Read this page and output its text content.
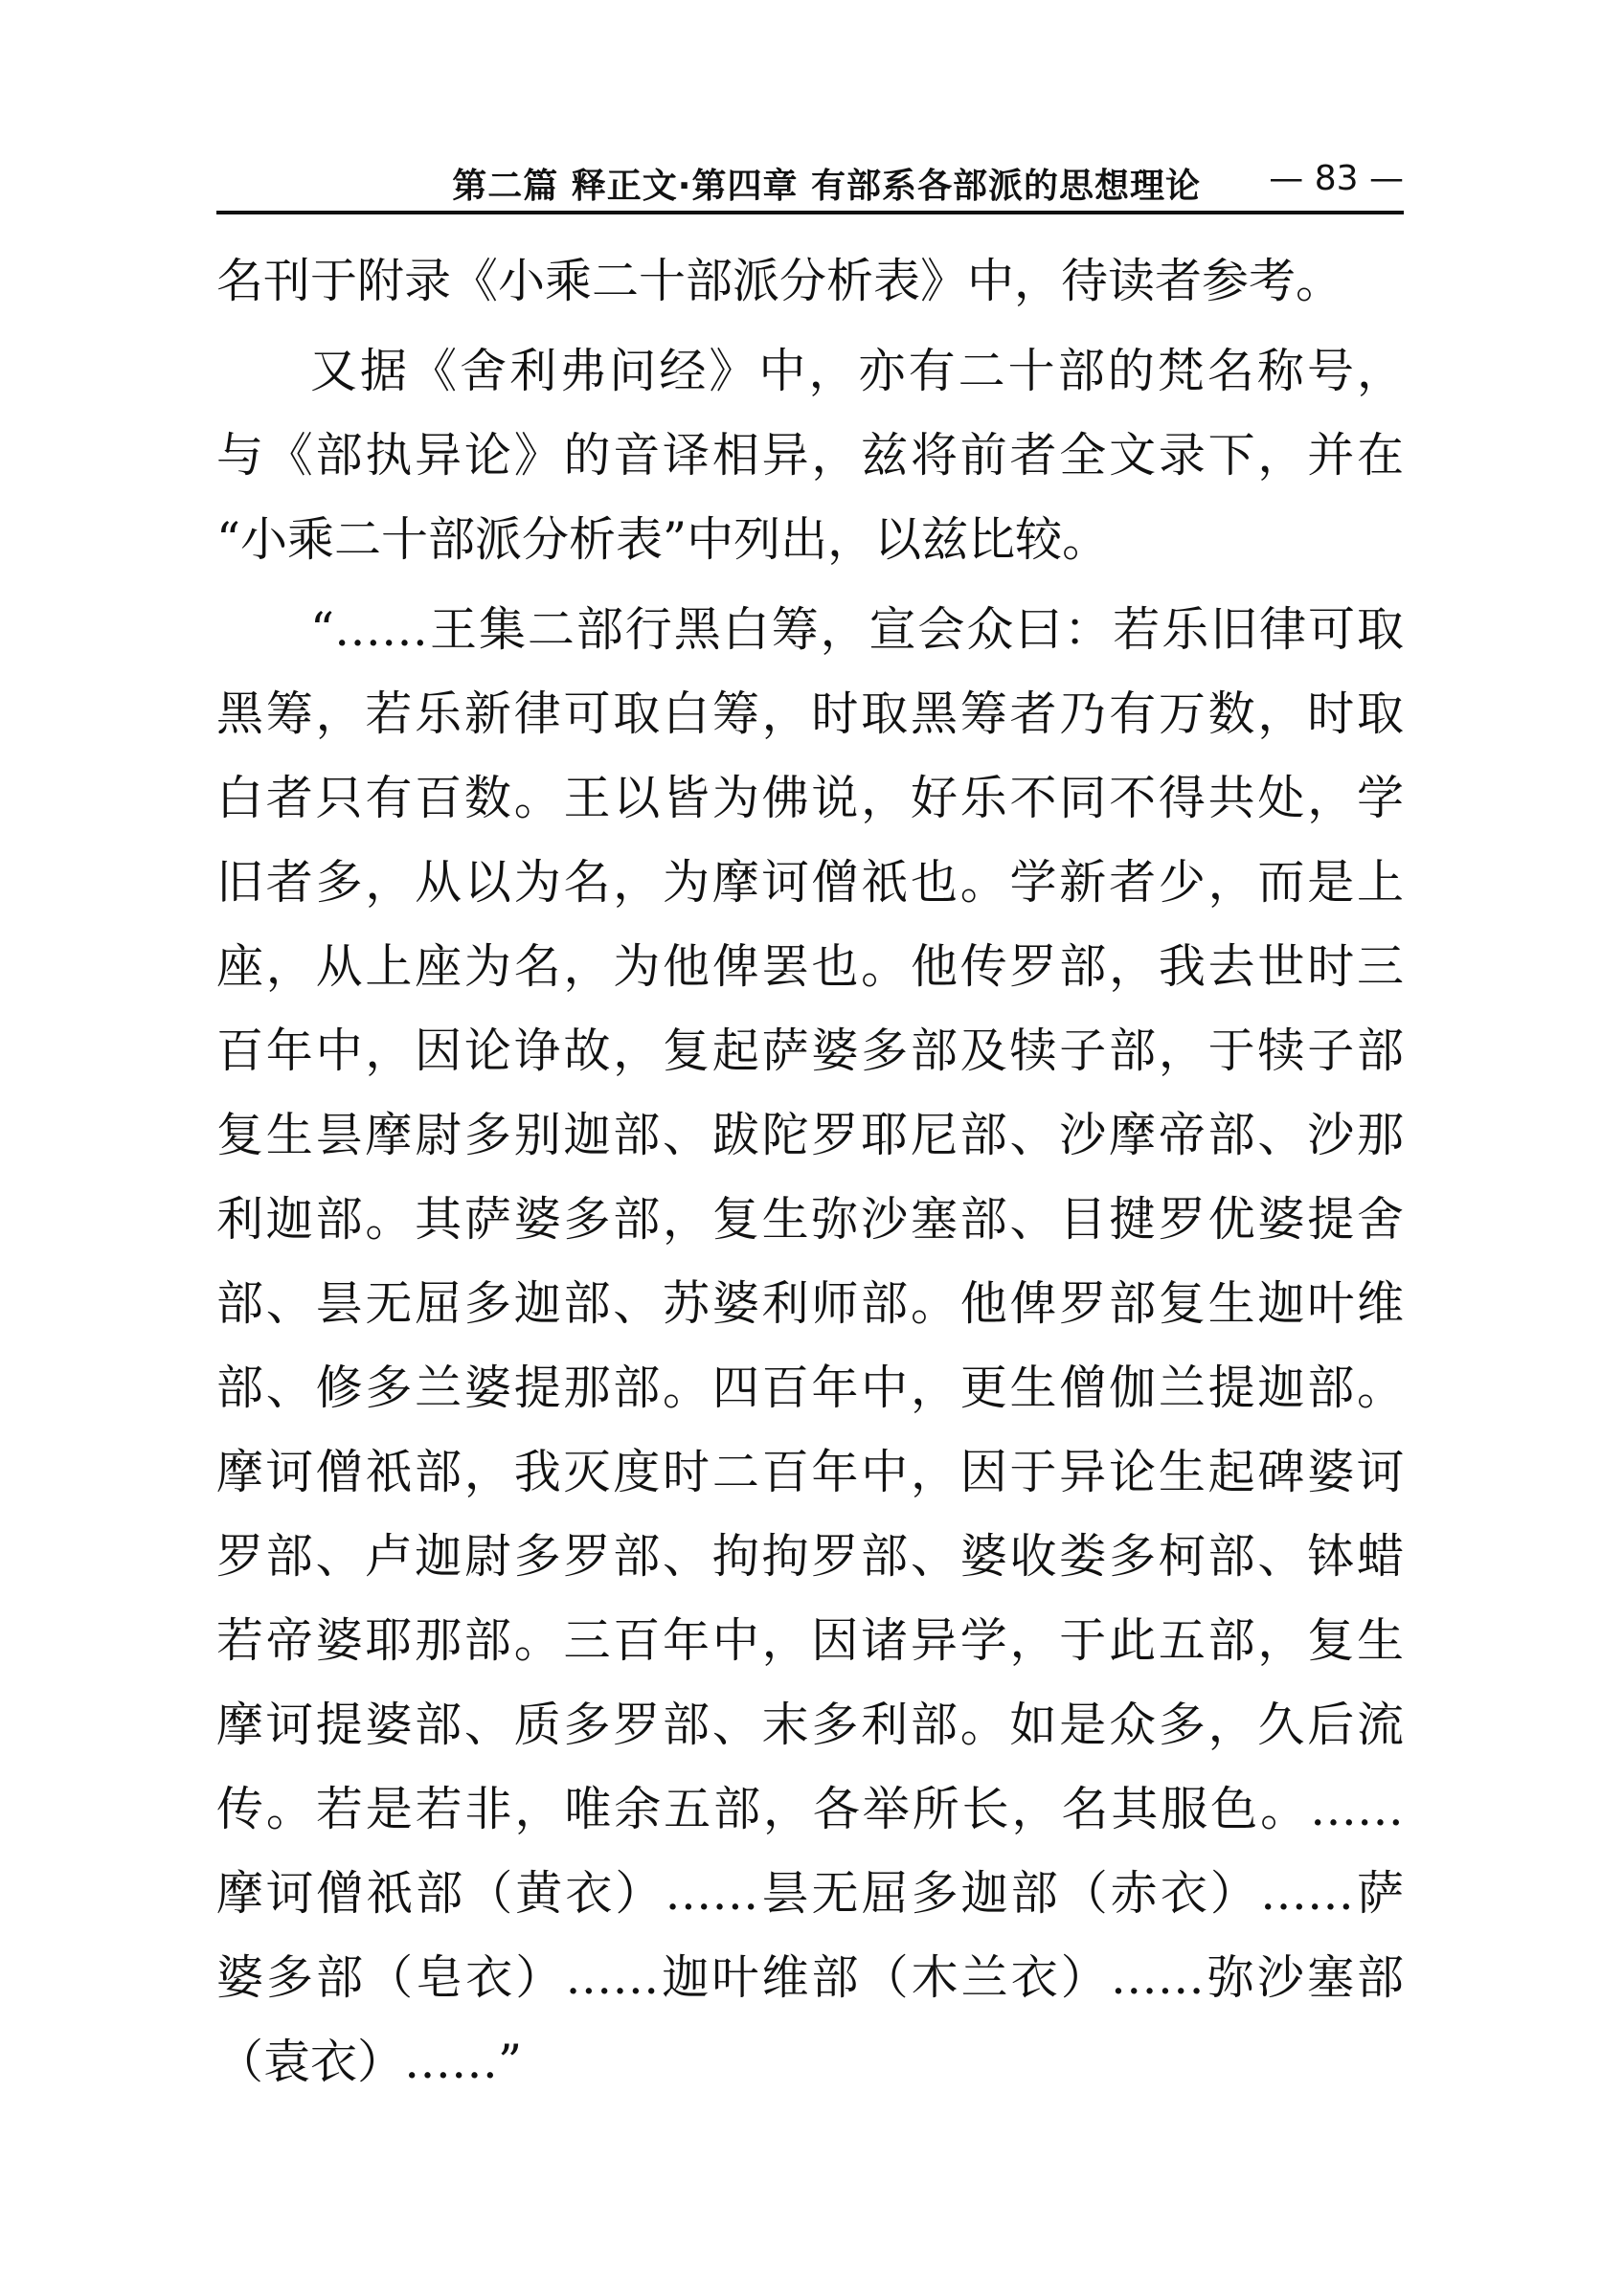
第二篇 释正文·第四章 有部系各部派的思想理论	— 83 —
名刊于附录《小乘二十部派分析表》中，待读者参考。
又据《舍利弗问经》中，亦有二十部的梵名称号，
与《部执异论》的音译相异，兹将前者全文录下，并在
“小乘二十部派分析表”中列出，以兹比较。
“……王集二部行黑白筹，宣会众曰：若乐旧律可取
黑筹，若乐新律可取白筹，时取黑筹者乃有万数，时取
白者只有百数。王以皆为佛说，好乐不同不得共处，学
旧者多，从以为名，为摩诃僧祇也。学新者少，而是上
座，从上座为名，为他俾罢也。他传罗部，我去世时三
百年中，因论诤故，复起萨婆多部及犊子部，于犊子部
复生昙摩尉多别迦部、跋陀罗耶尼部、沙摩帝部、沙那
利迦部。其萨婆多部，复生弥沙塞部、目揵罗优婆提舍
部、昙无屈多迦部、苏婆利师部。他俾罗部复生迦叶维
部、修多兰婆提那部。四百年中，更生僧伽兰提迦部。
摩诃僧祇部，我灭度时二百年中，因于异论生起碑婆诃
罗部、卢迦尉多罗部、拘拘罗部、婆收娄多柯部、钵蜡
若帝婆耶那部。三百年中，因诸异学，于此五部，复生
摩诃提婆部、质多罗部、末多利部。如是众多，久后流
传。若是若非，唯余五部，各举所长，名其服色。……
摩诃僧祇部（黄衣）……昙无屈多迦部（赤衣）……萨
婆多部（皂衣）……迦叶维部（木兰衣）……弥沙塞部
（袁衣）……”
